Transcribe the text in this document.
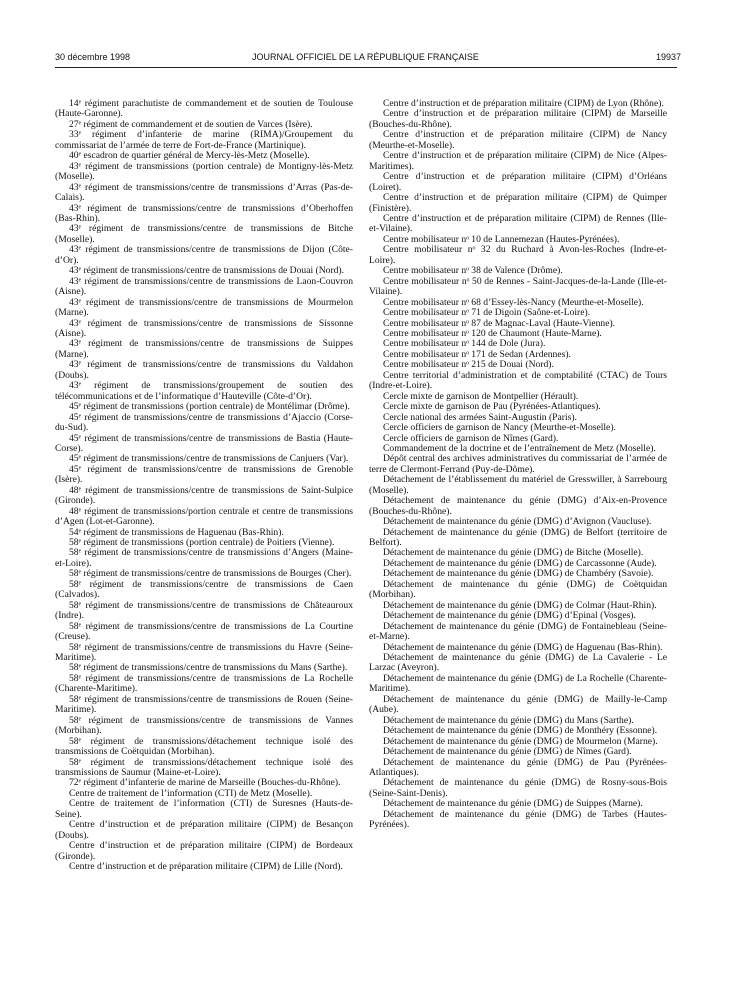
30 décembre 1998	JOURNAL OFFICIEL DE LA RÉPUBLIQUE FRANÇAISE	19937

14ᵉ régiment parachutiste de commandement et de soutien de Toulouse (Haute-Garonne).

27ᵉ régiment de commandement et de soutien de Varces (Isère).

33ᵉ régiment d’infanterie de marine (RIMA)/Groupement du commissariat de l’armée de terre de Fort-de-France (Martinique).

40ᵉ escadron de quartier général de Mercy-lès-Metz (Moselle).

43ᵉ régiment de transmissions (portion centrale) de Montigny-lès-Metz (Moselle).

43ᵉ régiment de transmissions/centre de transmissions d’Arras (Pas-de-Calais).

43ᵉ régiment de transmissions/centre de transmissions d’Oberhoffen (Bas-Rhin).

43ᵉ régiment de transmissions/centre de transmissions de Bitche (Moselle).

43ᵉ régiment de transmissions/centre de transmissions de Dijon (Côte-d’Or).

43ᵉ régiment de transmissions/centre de transmissions de Douai (Nord).

43ᵉ régiment de transmissions/centre de transmissions de Laon-Couvron (Aisne).

43ᵉ régiment de transmissions/centre de transmissions de Mourmelon (Marne).

43ᵉ régiment de transmissions/centre de transmissions de Sissonne (Aisne).

43ᵉ régiment de transmissions/centre de transmissions de Suippes (Marne).

43ᵉ régiment de transmissions/centre de transmissions du Valdahon (Doubs).

43ᵉ régiment de transmissions/groupement de soutien des télécommunications et de l’informatique d’Hauteville (Côte-d’Or).

45ᵉ régiment de transmissions (portion centrale) de Montélimar (Drôme).

45ᵉ régiment de transmissions/centre de transmissions d’Ajaccio (Corse-du-Sud).

45ᵉ régiment de transmissions/centre de transmissions de Bastia (Haute-Corse).

45ᵉ régiment de transmissions/centre de transmissions de Canjuers (Var).

45ᵉ régiment de transmissions/centre de transmissions de Grenoble (Isère).

48ᵉ régiment de transmissions/centre de transmissions de Saint-Sulpice (Gironde).

48ᵉ régiment de transmissions/portion centrale et centre de transmissions d’Agen (Lot-et-Garonne).

54ᵉ régiment de transmissions de Haguenau (Bas-Rhin).

58ᵉ régiment de transmissions (portion centrale) de Poitiers (Vienne).

58ᵉ régiment de transmissions/centre de transmissions d’Angers (Maine-et-Loire).

58ᵉ régiment de transmissions/centre de transmissions de Bourges (Cher).

58ᵉ régiment de transmissions/centre de transmissions de Caen (Calvados).

58ᵉ régiment de transmissions/centre de transmissions de Châteauroux (Indre).

58ᵉ régiment de transmissions/centre de transmissions de La Courtine (Creuse).

58ᵉ régiment de transmissions/centre de transmissions du Havre (Seine-Maritime).

58ᵉ régiment de transmissions/centre de transmissions du Mans (Sarthe).

58ᵉ régiment de transmissions/centre de transmissions de La Rochelle (Charente-Maritime).

58ᵉ régiment de transmissions/centre de transmissions de Rouen (Seine-Maritime).

58ᵉ régiment de transmissions/centre de transmissions de Vannes (Morbihan).

58ᵉ régiment de transmissions/détachement technique isolé des transmissions de Coëtquidan (Morbihan).

58ᵉ régiment de transmissions/détachement technique isolé des transmissions de Saumur (Maine-et-Loire).

72ᵉ régiment d’infanterie de marine de Marseille (Bouches-du-Rhône).

Centre de traitement de l’information (CTI) de Metz (Moselle).

Centre de traitement de l’information (CTI) de Suresnes (Hauts-de-Seine).

Centre d’instruction et de préparation militaire (CIPM) de Besançon (Doubs).

Centre d’instruction et de préparation militaire (CIPM) de Bordeaux (Gironde).

Centre d’instruction et de préparation militaire (CIPM) de Lille (Nord).

Centre d’instruction et de préparation militaire (CIPM) de Lyon (Rhône).

Centre d’instruction et de préparation militaire (CIPM) de Marseille (Bouches-du-Rhône).

Centre d’instruction et de préparation militaire (CIPM) de Nancy (Meurthe-et-Moselle).

Centre d’instruction et de préparation militaire (CIPM) de Nice (Alpes-Maritimes).

Centre d’instruction et de préparation militaire (CIPM) d’Orléans (Loiret).

Centre d’instruction et de préparation militaire (CIPM) de Quimper (Finistère).

Centre d’instruction et de préparation militaire (CIPM) de Rennes (Ille-et-Vilaine).

Centre mobilisateur nᵒ 10 de Lannemezan (Hautes-Pyrénées).

Centre mobilisateur nᵒ 32 du Ruchard à Avon-les-Roches (Indre-et-Loire).

Centre mobilisateur nᵒ 38 de Valence (Drôme).

Centre mobilisateur nᵒ 50 de Rennes - Saint-Jacques-de-la-Lande (Ille-et-Vilaine).

Centre mobilisateur nᵒ 68 d’Essey-lès-Nancy (Meurthe-et-Moselle).

Centre mobilisateur nᵒ 71 de Digoin (Saône-et-Loire).

Centre mobilisateur nᵒ 87 de Magnac-Laval (Haute-Vienne).

Centre mobilisateur nᵒ 120 de Chaumont (Haute-Marne).

Centre mobilisateur nᵒ 144 de Dole (Jura).

Centre mobilisateur nᵒ 171 de Sedan (Ardennes).

Centre mobilisateur nᵒ 215 de Douai (Nord).

Centre territorial d’administration et de comptabilité (CTAC) de Tours (Indre-et-Loire).

Cercle mixte de garnison de Montpellier (Hérault).

Cercle mixte de garnison de Pau (Pyrénées-Atlantiques).

Cercle national des armées Saint-Augustin (Paris).

Cercle officiers de garnison de Nancy (Meurthe-et-Moselle).

Cercle officiers de garnison de Nîmes (Gard).

Commandement de la doctrine et de l’entraînement de Metz (Moselle).

Dépôt central des archives administratives du commissariat de l’armée de terre de Clermont-Ferrand (Puy-de-Dôme).

Détachement de l’établissement du matériel de Gresswiller, à Sarrebourg (Moselle).

Détachement de maintenance du génie (DMG) d’Aix-en-Provence (Bouches-du-Rhône).

Détachement de maintenance du génie (DMG) d’Avignon (Vaucluse).

Détachement de maintenance du génie (DMG) de Belfort (territoire de Belfort).

Détachement de maintenance du génie (DMG) de Bitche (Moselle).

Détachement de maintenance du génie (DMG) de Carcassonne (Aude).

Détachement de maintenance du génie (DMG) de Chambéry (Savoie).

Détachement de maintenance du génie (DMG) de Coëtquidan (Morbihan).

Détachement de maintenance du génie (DMG) de Colmar (Haut-Rhin).

Détachement de maintenance du génie (DMG) d’Epinal (Vosges).

Détachement de maintenance du génie (DMG) de Fontainebleau (Seine-et-Marne).

Détachement de maintenance du génie (DMG) de Haguenau (Bas-Rhin).

Détachement de maintenance du génie (DMG) de La Cavalerie - Le Larzac (Aveyron).

Détachement de maintenance du génie (DMG) de La Rochelle (Charente-Maritime).

Détachement de maintenance du génie (DMG) de Mailly-le-Camp (Aube).

Détachement de maintenance du génie (DMG) du Mans (Sarthe).

Détachement de maintenance du génie (DMG) de Monthéry (Essonne).

Détachement de maintenance du génie (DMG) de Mourmelon (Marne).

Détachement de maintenance du génie (DMG) de Nîmes (Gard).

Détachement de maintenance du génie (DMG) de Pau (Pyrénées-Atlantiques).

Détachement de maintenance du génie (DMG) de Rosny-sous-Bois (Seine-Saint-Denis).

Détachement de maintenance du génie (DMG) de Suippes (Marne).

Détachement de maintenance du génie (DMG) de Tarbes (Hautes-Pyrénées).
